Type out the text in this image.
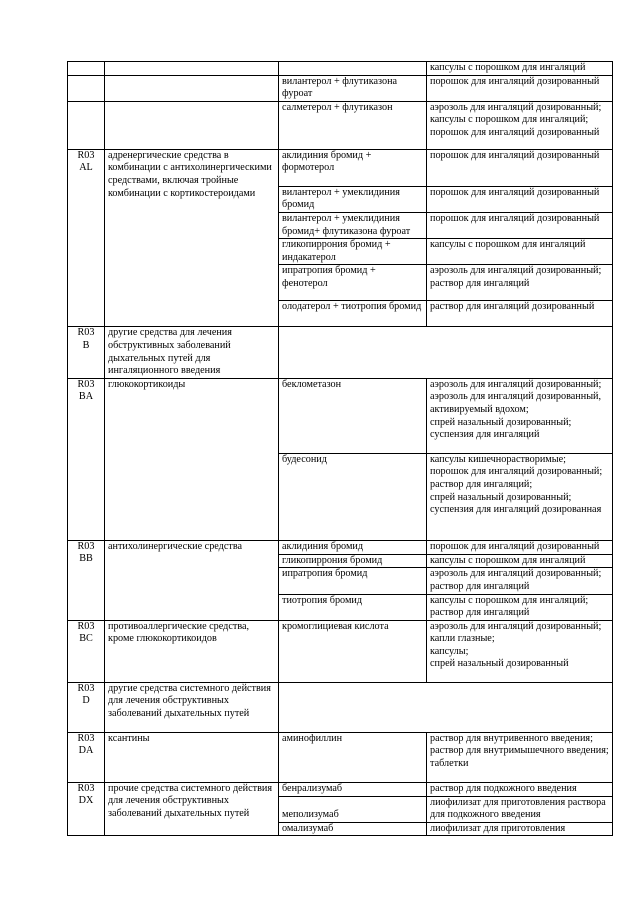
			капсулы с порошком для ингаляций

		вилантерол + флутиказона фуроат	порошок для ингаляций дозированный

		салметерол + флутиказон	аэрозоль для ингаляций дозированный;
капсулы с порошком для ингаляций;
порошок для ингаляций дозированный

R03
AL	адренергические средства в комбинации с антихолинергическими средствами, включая тройные комбинации с кортикостероидами	аклидиния бромид + формотерол	порошок для ингаляций дозированный

		вилантерол + умеклидиния бромид	порошок для ингаляций дозированный

		вилантерол + умеклидиния бромид+ флутиказона фуроат	порошок для ингаляций дозированный

		гликопиррония бромид + индакатерол	капсулы с порошком для ингаляций

		ипратропия бромид + фенотерол	аэрозоль для ингаляций дозированный;
раствор для ингаляций

		олодатерол + тиотропия бромид	раствор для ингаляций дозированный

R03
B	другие средства для лечения обструктивных заболеваний дыхательных путей для ингаляционного введения		

R03
BA	глюкокортикоиды	беклометазон	аэрозоль для ингаляций дозированный;
аэрозоль для ингаляций дозированный, активируемый вдохом;
спрей назальный дозированный;
суспензия для ингаляций

		будесонид	капсулы кишечнорастворимые;
порошок для ингаляций дозированный;
раствор для ингаляций;
спрей назальный дозированный;
суспензия для ингаляций дозированная

R03
BB	антихолинергические средства	аклидиния бромид	порошок для ингаляций дозированный

		гликопиррония бромид	капсулы с порошком для ингаляций

		ипратропия бромид	аэрозоль для ингаляций дозированный; раствор для ингаляций

		тиотропия бромид	капсулы с порошком для ингаляций;
раствор для ингаляций

R03
BC	противоаллергические средства, кроме глюкокортикоидов	кромоглициевая кислота	аэрозоль для ингаляций дозированный;
капли глазные;
капсулы;
спрей назальный дозированный

R03
D	другие средства системного действия для лечения обструктивных заболеваний дыхательных путей		

R03
DA	ксантины	аминофиллин	раствор для внутривенного введения;
раствор для внутримышечного введения;
таблетки

R03
DX	прочие средства системного действия для лечения обструктивных заболеваний дыхательных путей	бенрализумаб	раствор для подкожного введения

		меполизумаб	лиофилизат для приготовления раствора для подкожного введения

		омализумаб	лиофилизат для приготовления
